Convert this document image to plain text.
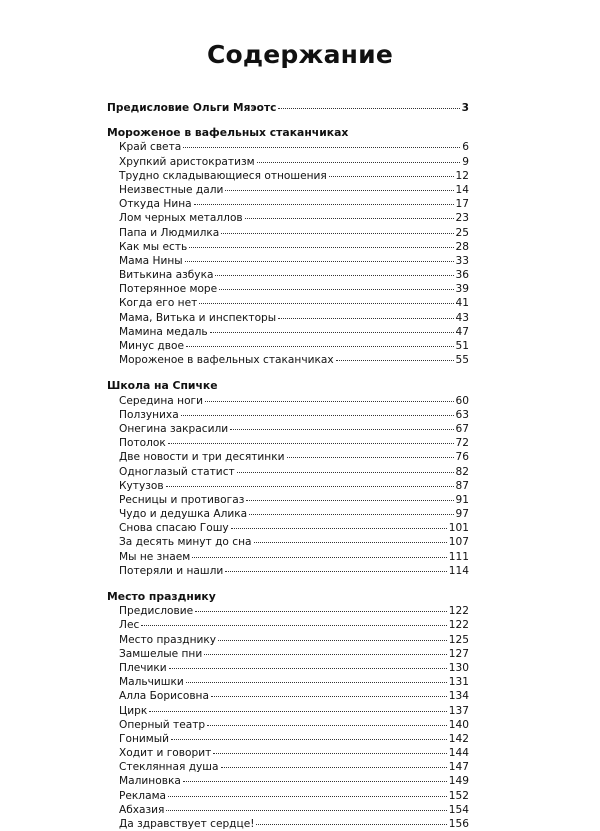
Содержание
Предисловие Ольги Мяэотс	3
Мороженое в вафельных стаканчиках
Край света	6
Хрупкий аристократизм	9
Трудно складывающиеся отношения	12
Неизвестные дали	14
Откуда Нина	17
Лом черных металлов	23
Папа и Людмилка	25
Как мы есть	28
Мама Нины	33
Витькина азбука	36
Потерянное море	39
Когда его нет	41
Мама, Витька и инспекторы	43
Мамина медаль	47
Минус двое	51
Мороженое в вафельных стаканчиках	55
Школа на Спичке
Середина ноги	60
Ползуниха	63
Онегина закрасили	67
Потолок	72
Две новости и три десятинки	76
Одноглазый статист	82
Кутузов	87
Ресницы и противогаз	91
Чудо и дедушка Алика	97
Снова спасаю Гошу	101
За десять минут до сна	107
Мы не знаем	111
Потеряли и нашли	114
Место празднику
Предисловие	122
Лес	122
Место празднику	125
Замшелые пни	127
Плечики	130
Мальчишки	131
Алла Борисовна	134
Цирк	137
Оперный театр	140
Гонимый	142
Ходит и говорит	144
Стеклянная душа	147
Малиновка	149
Реклама	152
Абхазия	154
Да здравствует сердце!	156
